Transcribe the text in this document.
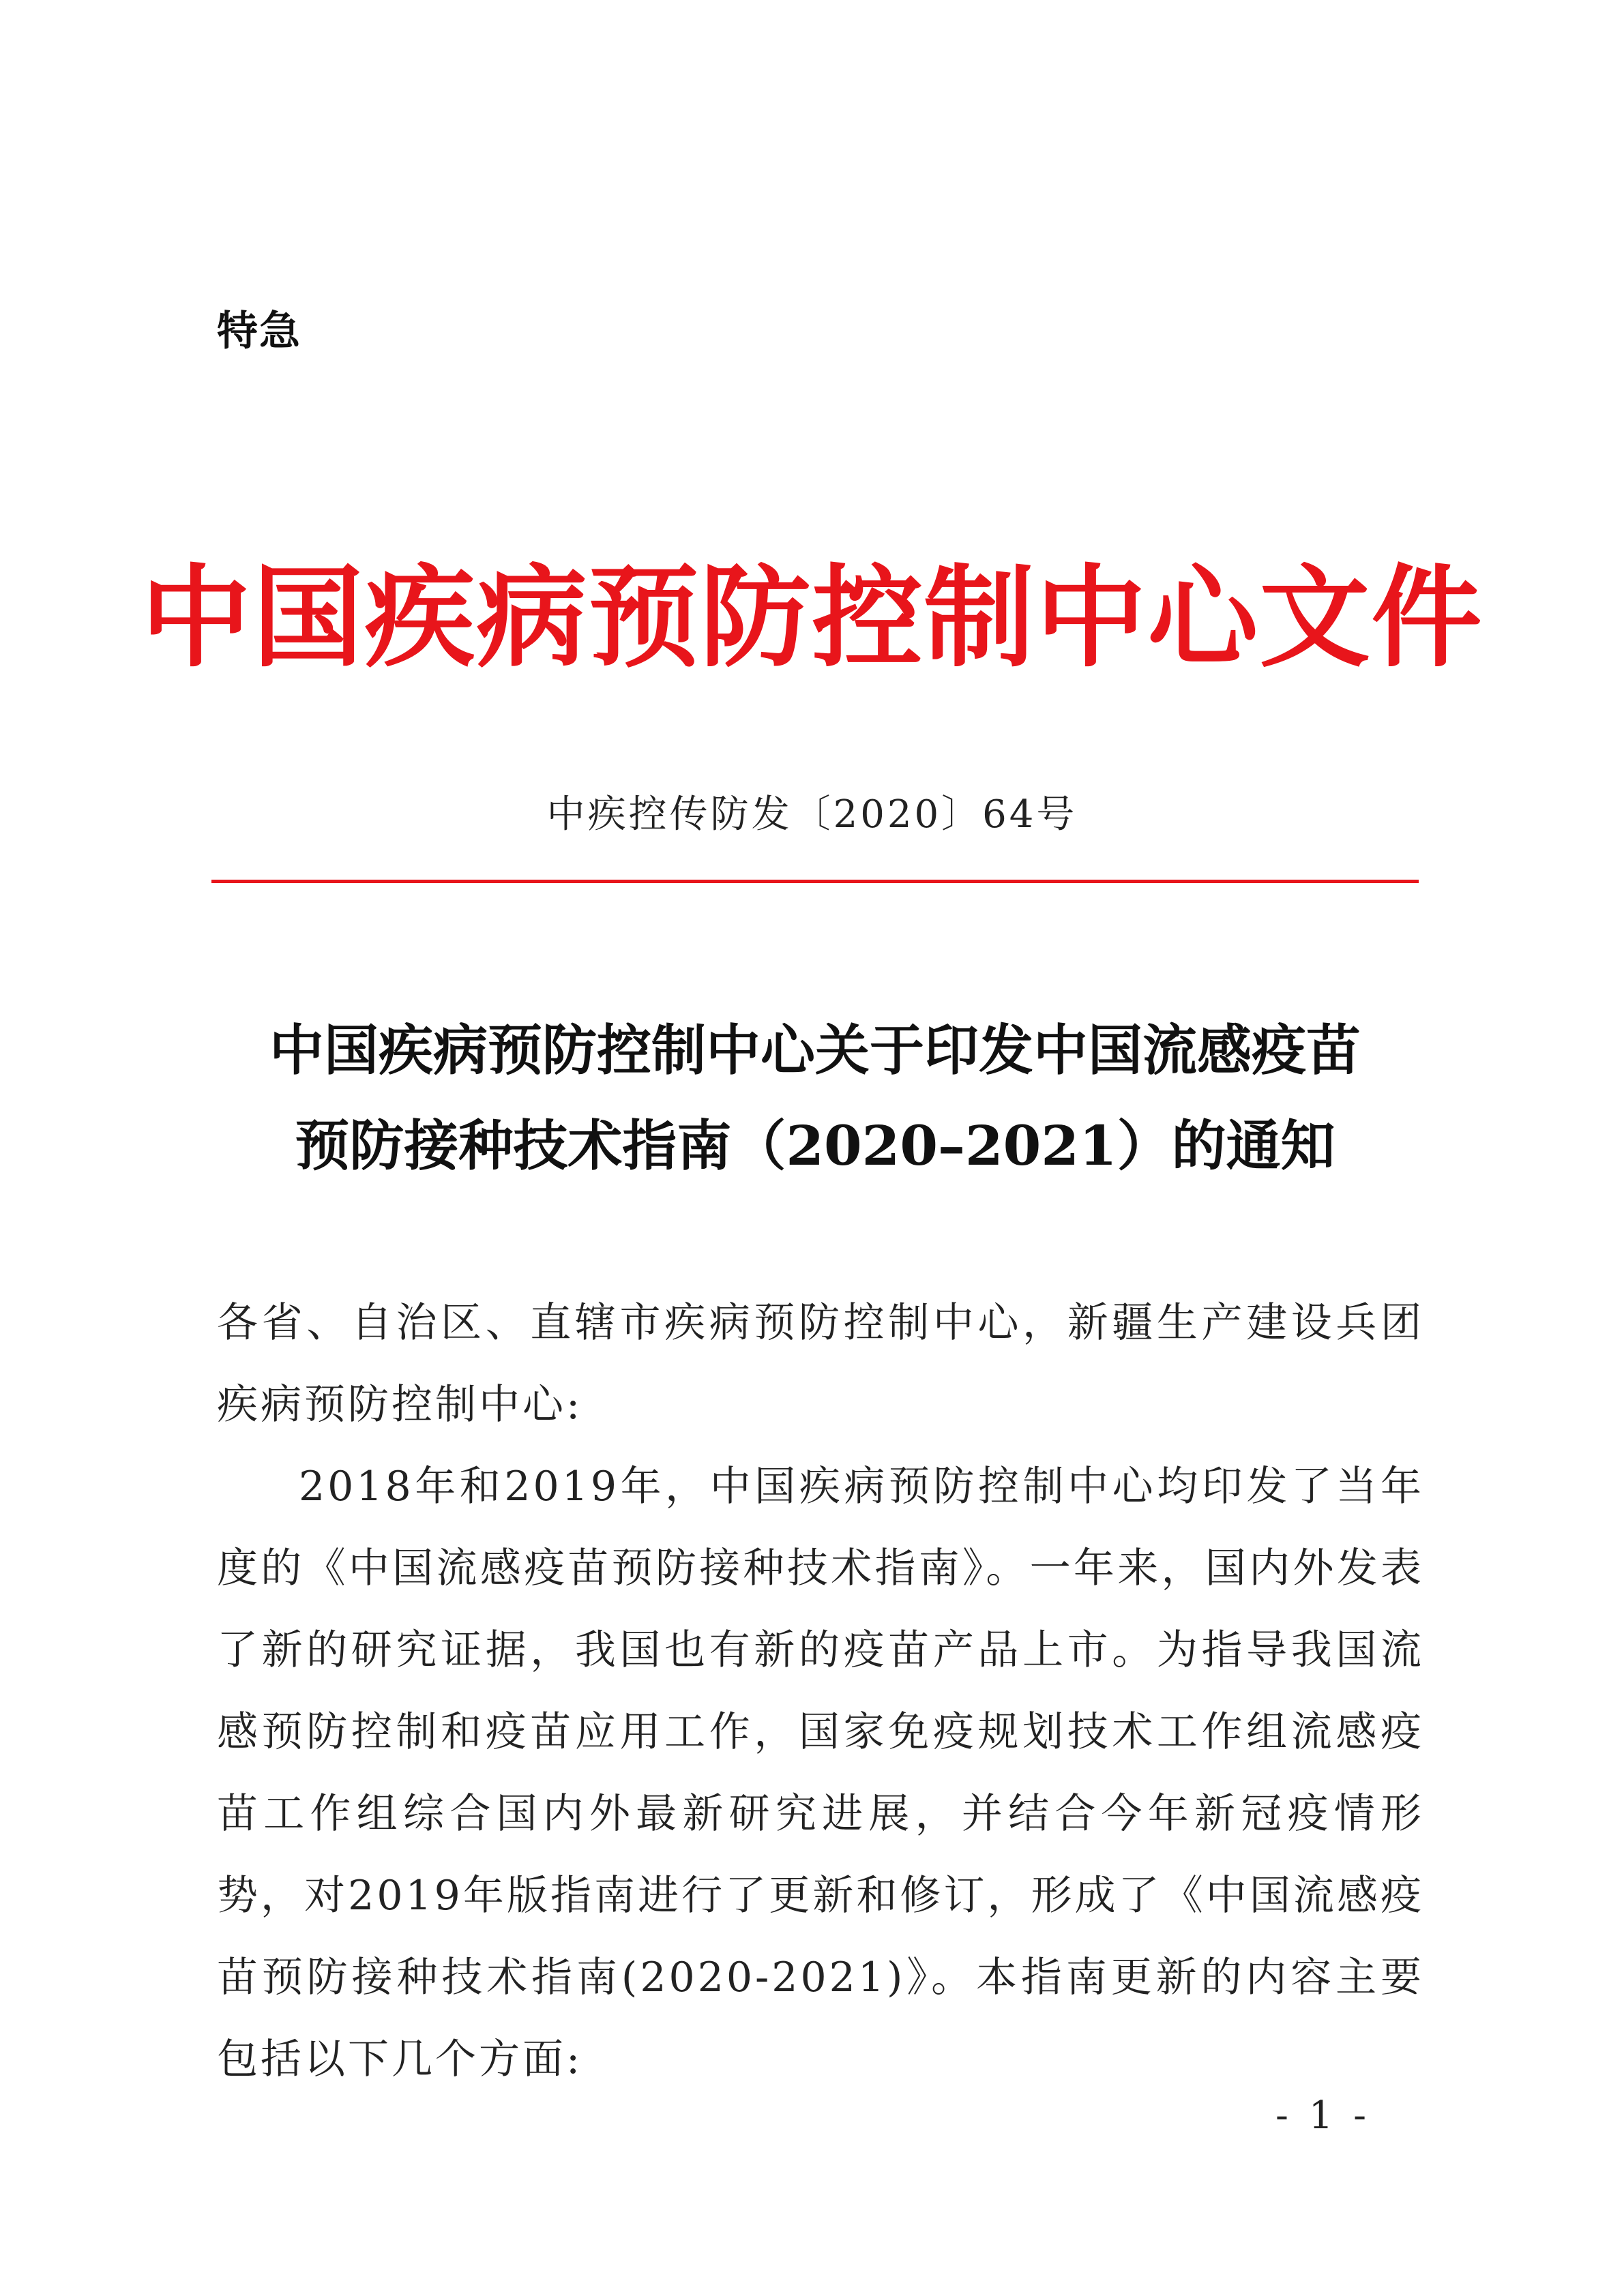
特急
中国疾病预防控制中心文件
中疾控传防发〔2020〕64号
中国疾病预防控制中心关于印发中国流感疫苗
预防接种技术指南（2020–2021）的通知

各省、自治区、直辖市疾病预防控制中心，新疆生产建设兵团疾病预防控制中心:

2018年和2019年，中国疾病预防控制中心均印发了当年度的《中国流感疫苗预防接种技术指南》。一年来，国内外发表了新的研究证据，我国也有新的疫苗产品上市。为指导我国流感预防控制和疫苗应用工作，国家免疫规划技术工作组流感疫苗工作组综合国内外最新研究进展，并结合今年新冠疫情形势，对2019年版指南进行了更新和修订，形成了《中国流感疫苗预防接种技术指南(2020-2021)》。本指南更新的内容主要包括以下几个方面:

- 1 -
